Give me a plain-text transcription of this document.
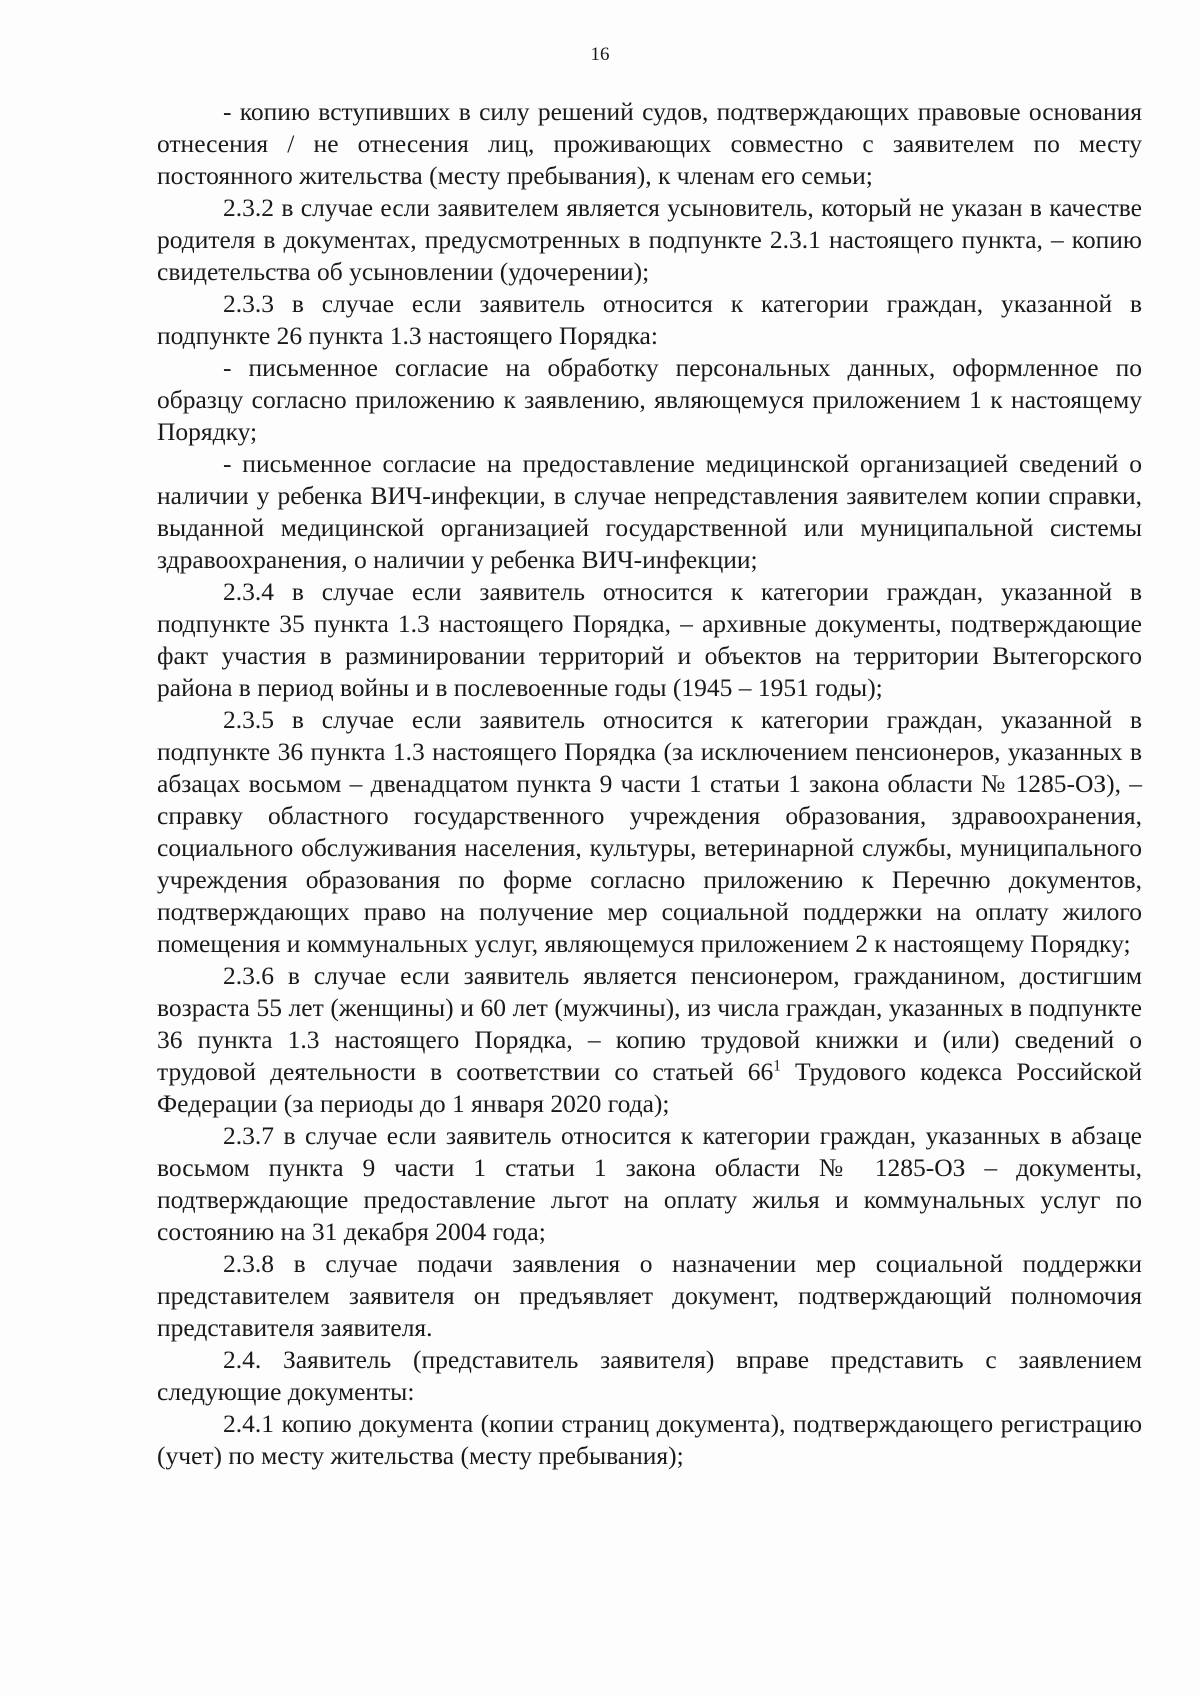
16

- копию вступивших в силу решений судов, подтверждающих правовые основания отнесения / не отнесения лиц, проживающих совместно с заявителем по месту постоянного жительства (месту пребывания), к членам его семьи;

2.3.2 в случае если заявителем является усыновитель, который не указан в качестве родителя в документах, предусмотренных в подпункте 2.3.1 настоящего пункта, – копию свидетельства об усыновлении (удочерении);

2.3.3 в случае если заявитель относится к категории граждан, указанной в подпункте 26 пункта 1.3 настоящего Порядка:

- письменное согласие на обработку персональных данных, оформленное по образцу согласно приложению к заявлению, являющемуся приложением 1 к настоящему Порядку;

- письменное согласие на предоставление медицинской организацией сведений о наличии у ребенка ВИЧ-инфекции, в случае непредставления заявителем копии справки, выданной медицинской организацией государственной или муниципальной системы здравоохранения, о наличии у ребенка ВИЧ-инфекции;

2.3.4 в случае если заявитель относится к категории граждан, указанной в подпункте 35 пункта 1.3 настоящего Порядка, – архивные документы, подтверждающие факт участия в разминировании территорий и объектов на территории Вытегорского района в период войны и в послевоенные годы (1945 – 1951 годы);

2.3.5 в случае если заявитель относится к категории граждан, указанной в подпункте 36 пункта 1.3 настоящего Порядка (за исключением пенсионеров, указанных в абзацах восьмом – двенадцатом пункта 9 части 1 статьи 1 закона области № 1285-ОЗ), – справку областного государственного учреждения образования, здравоохранения, социального обслуживания населения, культуры, ветеринарной службы, муниципального учреждения образования по форме согласно приложению к Перечню документов, подтверждающих право на получение мер социальной поддержки на оплату жилого помещения и коммунальных услуг, являющемуся приложением 2 к настоящему Порядку;

2.3.6 в случае если заявитель является пенсионером, гражданином, достигшим возраста 55 лет (женщины) и 60 лет (мужчины), из числа граждан, указанных в подпункте 36 пункта 1.3 настоящего Порядка, – копию трудовой книжки и (или) сведений о трудовой деятельности в соответствии со статьей $66^1$ Трудового кодекса Российской Федерации (за периоды до 1 января 2020 года);

2.3.7 в случае если заявитель относится к категории граждан, указанных в абзаце восьмом пункта 9 части 1 статьи 1 закона области № 1285-ОЗ – документы, подтверждающие предоставление льгот на оплату жилья и коммунальных услуг по состоянию на 31 декабря 2004 года;

2.3.8 в случае подачи заявления о назначении мер социальной поддержки представителем заявителя он предъявляет документ, подтверждающий полномочия представителя заявителя.

2.4. Заявитель (представитель заявителя) вправе представить с заявлением следующие документы:

2.4.1 копию документа (копии страниц документа), подтверждающего регистрацию (учет) по месту жительства (месту пребывания);
